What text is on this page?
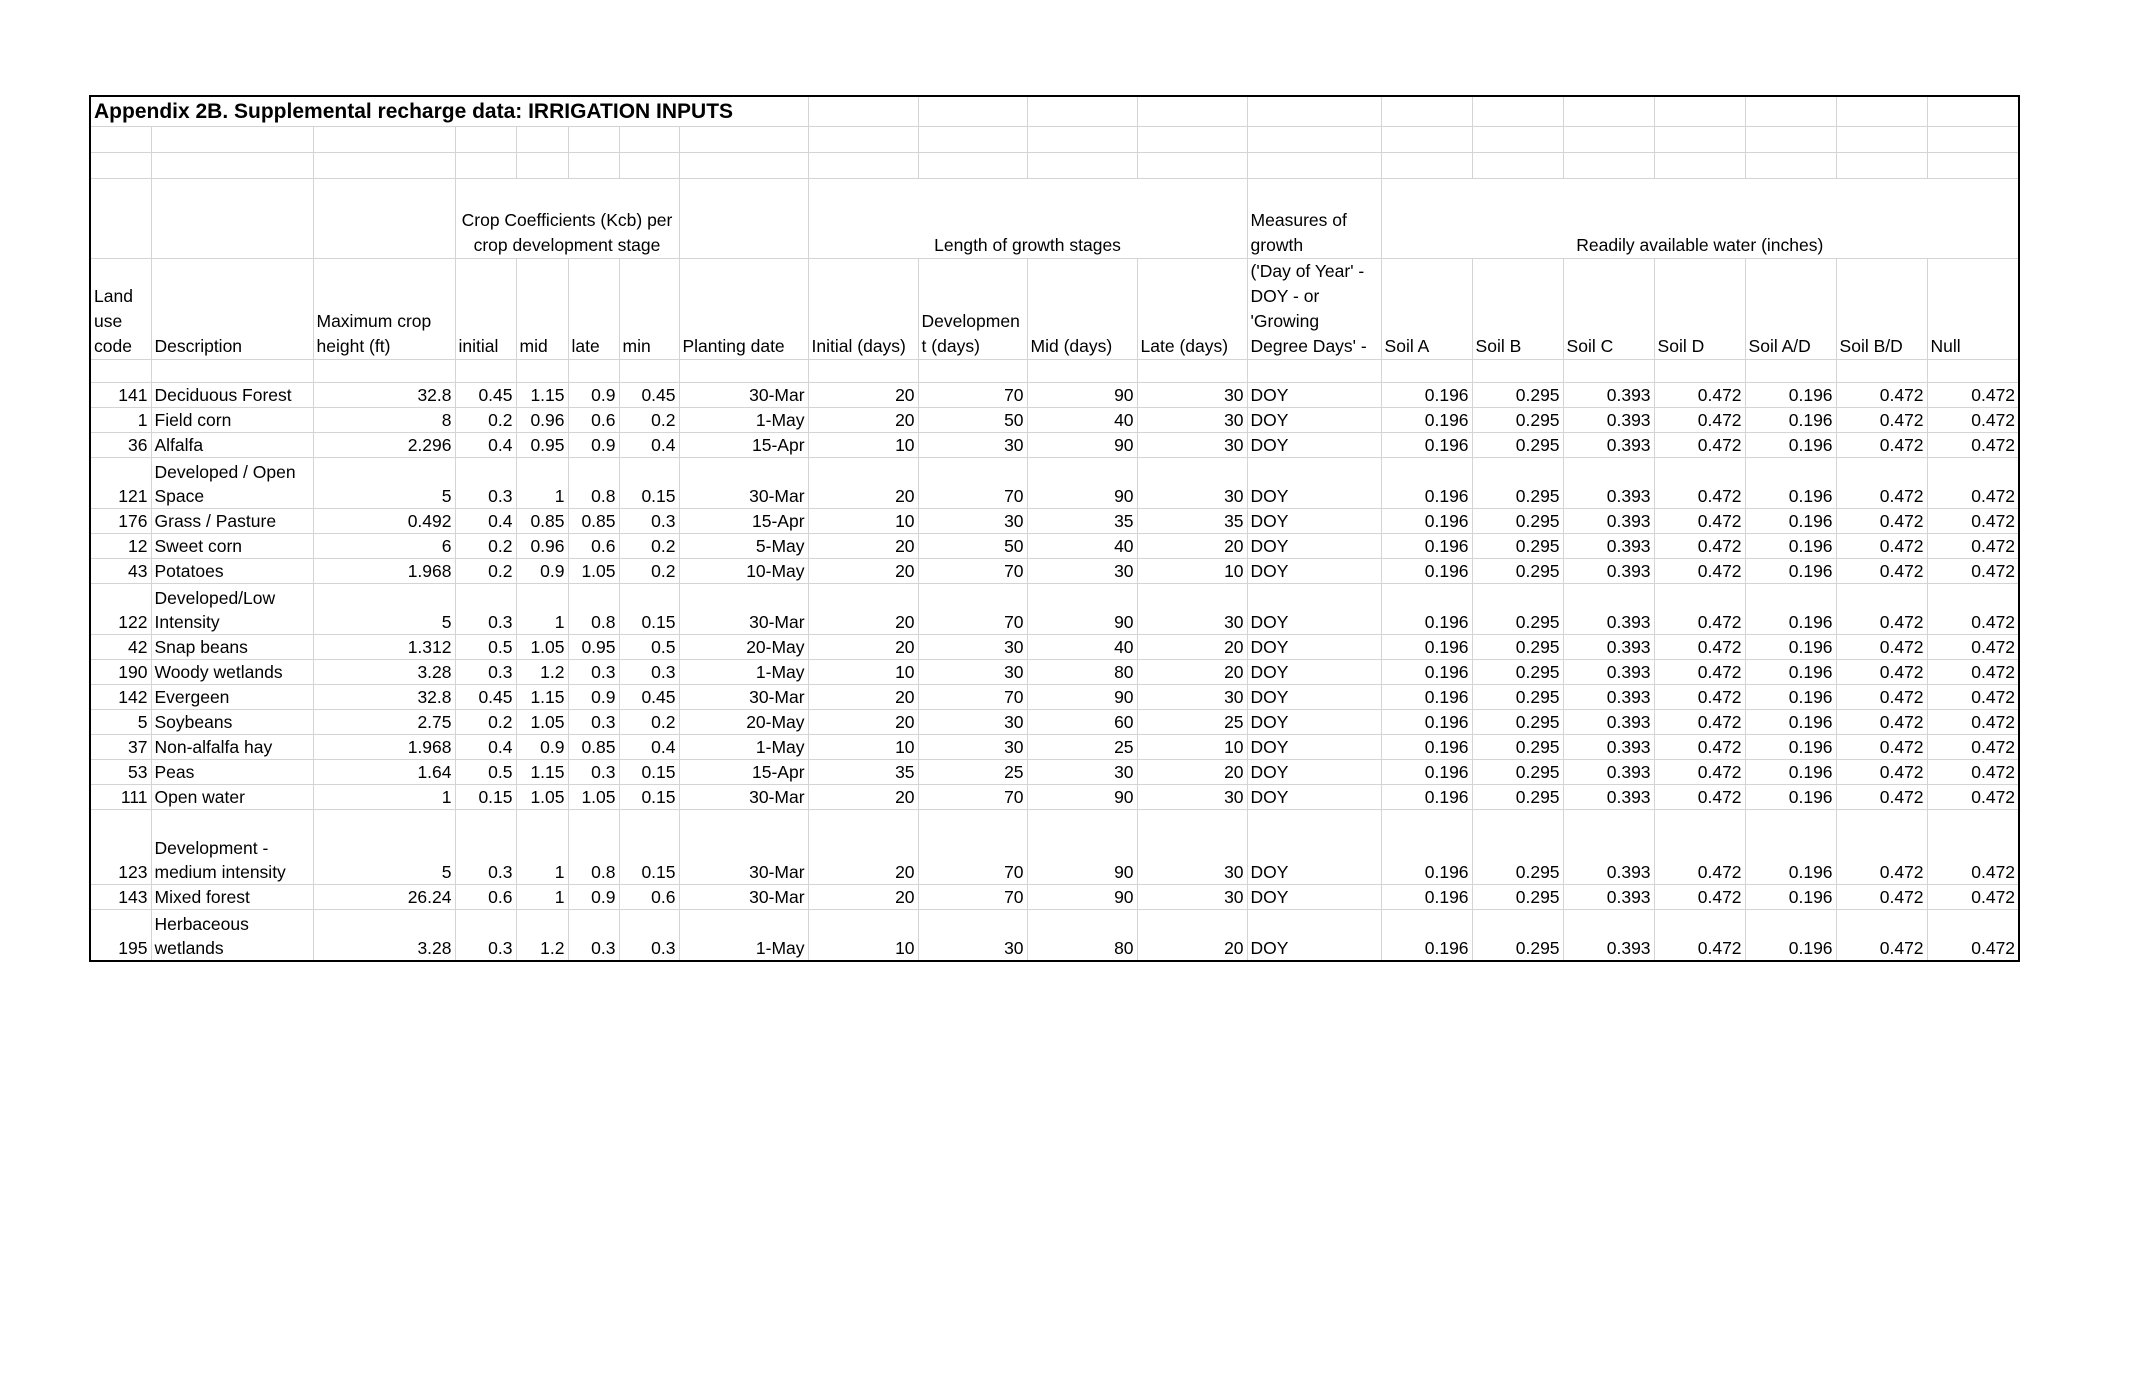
Appendix 2B. Supplemental recharge data: IRRIGATION INPUTS																			

			Crop Coefficients (Kcb) per crop development stage					Length of growth stages				Measures of growth	Readily available water (inches)						
Land use code	Description	Maximum crop height (ft)	initial	mid	late	min	Planting date	Initial (days)	Developmen t (days)	Mid (days)	Late (days)	('Day of Year' - DOY - or 'Growing Degree Days' -	Soil A	Soil B	Soil C	Soil D	Soil A/D	Soil B/D	Null

141	Deciduous Forest	32.8	0.45	1.15	0.9	0.45	30-Mar	20	70	90	30	DOY	0.196	0.295	0.393	0.472	0.196	0.472	0.472
1	Field corn	8	0.2	0.96	0.6	0.2	1-May	20	50	40	30	DOY	0.196	0.295	0.393	0.472	0.196	0.472	0.472
36	Alfalfa	2.296	0.4	0.95	0.9	0.4	15-Apr	10	30	90	30	DOY	0.196	0.295	0.393	0.472	0.196	0.472	0.472
121	Developed / Open Space	5	0.3	1	0.8	0.15	30-Mar	20	70	90	30	DOY	0.196	0.295	0.393	0.472	0.196	0.472	0.472
176	Grass / Pasture	0.492	0.4	0.85	0.85	0.3	15-Apr	10	30	35	35	DOY	0.196	0.295	0.393	0.472	0.196	0.472	0.472
12	Sweet corn	6	0.2	0.96	0.6	0.2	5-May	20	50	40	20	DOY	0.196	0.295	0.393	0.472	0.196	0.472	0.472
43	Potatoes	1.968	0.2	0.9	1.05	0.2	10-May	20	70	30	10	DOY	0.196	0.295	0.393	0.472	0.196	0.472	0.472
122	Developed/Low Intensity	5	0.3	1	0.8	0.15	30-Mar	20	70	90	30	DOY	0.196	0.295	0.393	0.472	0.196	0.472	0.472
42	Snap beans	1.312	0.5	1.05	0.95	0.5	20-May	20	30	40	20	DOY	0.196	0.295	0.393	0.472	0.196	0.472	0.472
190	Woody wetlands	3.28	0.3	1.2	0.3	0.3	1-May	10	30	80	20	DOY	0.196	0.295	0.393	0.472	0.196	0.472	0.472
142	Evergeen	32.8	0.45	1.15	0.9	0.45	30-Mar	20	70	90	30	DOY	0.196	0.295	0.393	0.472	0.196	0.472	0.472
5	Soybeans	2.75	0.2	1.05	0.3	0.2	20-May	20	30	60	25	DOY	0.196	0.295	0.393	0.472	0.196	0.472	0.472
37	Non-alfalfa hay	1.968	0.4	0.9	0.85	0.4	1-May	10	30	25	10	DOY	0.196	0.295	0.393	0.472	0.196	0.472	0.472
53	Peas	1.64	0.5	1.15	0.3	0.15	15-Apr	35	25	30	20	DOY	0.196	0.295	0.393	0.472	0.196	0.472	0.472
111	Open water	1	0.15	1.05	1.05	0.15	30-Mar	20	70	90	30	DOY	0.196	0.295	0.393	0.472	0.196	0.472	0.472
123	Development - medium intensity	5	0.3	1	0.8	0.15	30-Mar	20	70	90	30	DOY	0.196	0.295	0.393	0.472	0.196	0.472	0.472
143	Mixed forest	26.24	0.6	1	0.9	0.6	30-Mar	20	70	90	30	DOY	0.196	0.295	0.393	0.472	0.196	0.472	0.472
195	Herbaceous wetlands	3.28	0.3	1.2	0.3	0.3	1-May	10	30	80	20	DOY	0.196	0.295	0.393	0.472	0.196	0.472	0.472
